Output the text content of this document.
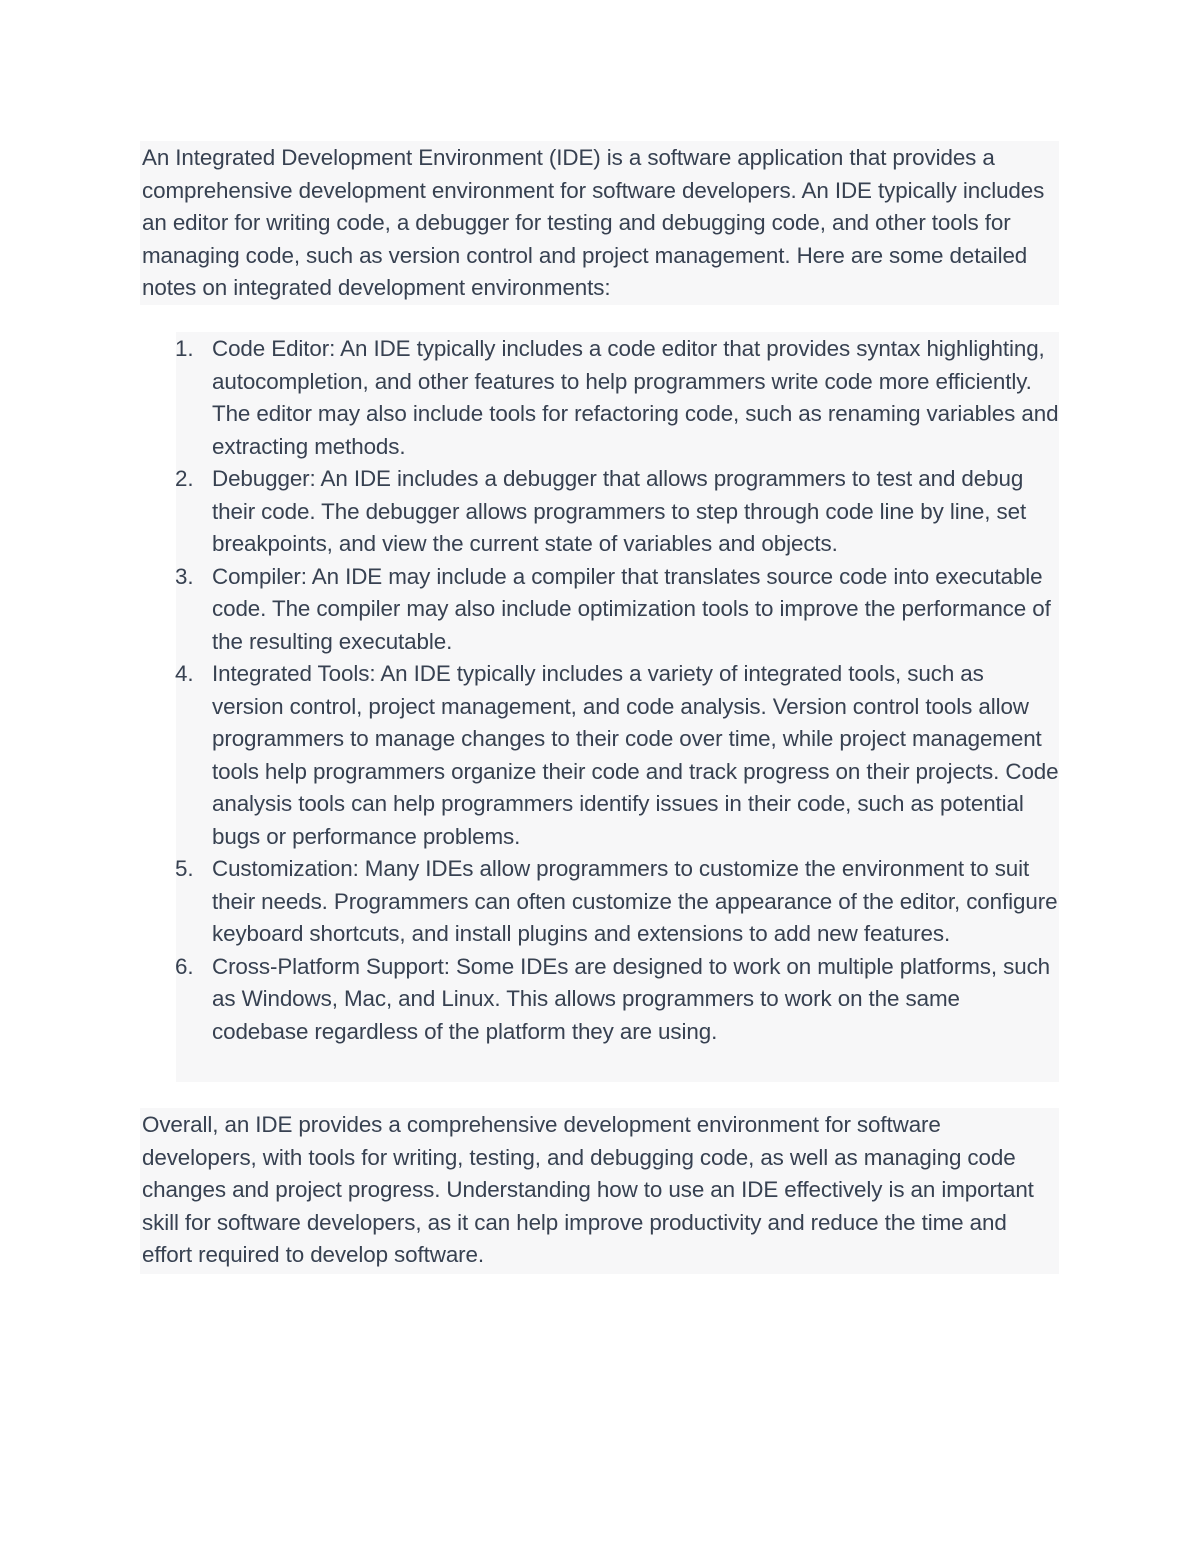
An Integrated Development Environment (IDE) is a software application that provides a comprehensive development environment for software developers. An IDE typically includes an editor for writing code, a debugger for testing and debugging code, and other tools for managing code, such as version control and project management. Here are some detailed notes on integrated development environments:

1. Code Editor: An IDE typically includes a code editor that provides syntax highlighting, autocompletion, and other features to help programmers write code more efficiently. The editor may also include tools for refactoring code, such as renaming variables and extracting methods.
2. Debugger: An IDE includes a debugger that allows programmers to test and debug their code. The debugger allows programmers to step through code line by line, set breakpoints, and view the current state of variables and objects.
3. Compiler: An IDE may include a compiler that translates source code into executable code. The compiler may also include optimization tools to improve the performance of the resulting executable.
4. Integrated Tools: An IDE typically includes a variety of integrated tools, such as version control, project management, and code analysis. Version control tools allow programmers to manage changes to their code over time, while project management tools help programmers organize their code and track progress on their projects. Code analysis tools can help programmers identify issues in their code, such as potential bugs or performance problems.
5. Customization: Many IDEs allow programmers to customize the environment to suit their needs. Programmers can often customize the appearance of the editor, configure keyboard shortcuts, and install plugins and extensions to add new features.
6. Cross-Platform Support: Some IDEs are designed to work on multiple platforms, such as Windows, Mac, and Linux. This allows programmers to work on the same codebase regardless of the platform they are using.

Overall, an IDE provides a comprehensive development environment for software developers, with tools for writing, testing, and debugging code, as well as managing code changes and project progress. Understanding how to use an IDE effectively is an important skill for software developers, as it can help improve productivity and reduce the time and effort required to develop software.
